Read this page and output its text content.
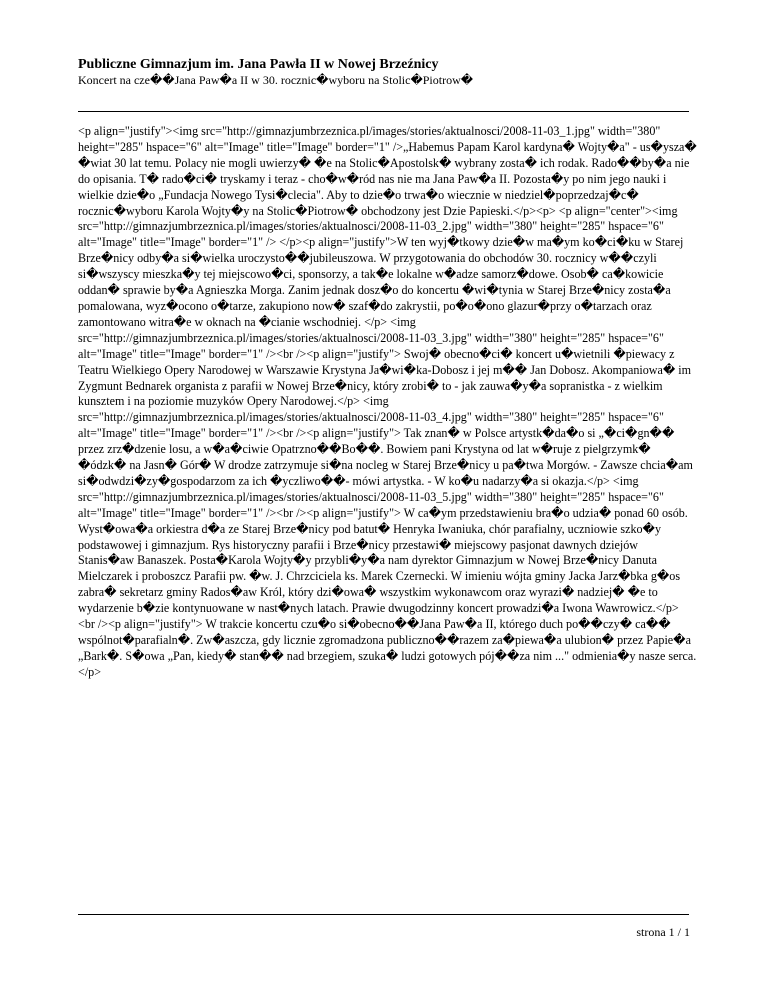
Publiczne Gimnazjum im. Jana Pawła II w Nowej Brzeźnicy
Koncert na cze��Jana Paw�a II w 30. rocznic�wyboru na Stolic�Piotrow�
<p align="justify"><img src="http://gimnazjumbrzeznica.pl/images/stories/aktualnosci/2008-11-03_1.jpg" width="380" height="285" hspace="6" alt="Image" title="Image" border="1" />„Habemus Papam Karol kardyna� Wojty�a" - us�ysza� �wiat 30 lat temu. Polacy nie mogli uwierzy� �e na Stolic�Apostolsk� wybrany zosta� ich rodak. Rado��by�a nie do opisania. T� rado�ci� tryskamy i teraz - cho�w�ród nas nie ma Jana Paw�a II. Pozosta�y po nim jego nauki i wielkie dzie�o „Fundacja Nowego Tysi�clecia". Aby to dzie�o trwa�o wiecznie w niedziel�poprzedzaj�c� rocznic�wyboru Karola Wojty�y na Stolic�Piotrow� obchodzony jest Dzie Papieski.</p><p> <p align="center"><img src="http://gimnazjumbrzeznica.pl/images/stories/aktualnosci/2008-11-03_2.jpg" width="380" height="285" hspace="6" alt="Image" title="Image" border="1" /> </p><p align="justify">W ten wyj�tkowy dzie�w ma�ym ko�ci�ku w Starej Brze�nicy odby�a si�wielka uroczysto��jubileuszowa. W przygotowania do obchodów 30. rocznicy w��czyli si�wszyscy mieszka�y tej miejscowo�ci, sponsorzy, a tak�e lokalne w�adze samorz�dowe. Osob� ca�kowicie oddan� sprawie by�a Agnieszka Morga. Zanim jednak dosz�o do koncertu �wi�tynia w Starej Brze�nicy zosta�a pomalowana, wyz�ocono o�tarze, zakupiono now� szaf�do zakrystii, po�o�ono glazur�przy o�tarzach oraz zamontowano witra�e w oknach na �cianie wschodniej. </p> <img src="http://gimnazjumbrzeznica.pl/images/stories/aktualnosci/2008-11-03_3.jpg" width="380" height="285" hspace="6" alt="Image" title="Image" border="1" /><br /><p align="justify"> Swoj� obecno�ci� koncert u�wietnili �piewacy z Teatru Wielkiego Opery Narodowej w Warszawie Krystyna Ja�wi�ka-Dobosz i jej m�� Jan Dobosz. Akompaniowa� im Zygmunt Bednarek organista z parafii w Nowej Brze�nicy, który zrobi� to - jak zauwa�y�a sopranistka - z wielkim kunsztem i na poziomie muzyków Opery Narodowej.</p> <img src="http://gimnazjumbrzeznica.pl/images/stories/aktualnosci/2008-11-03_4.jpg" width="380" height="285" hspace="6" alt="Image" title="Image" border="1" /><br /><p align="justify"> Tak znan� w Polsce artystk�da�o si „�ci�gn�� przez zrz�dzenie losu, a w�a�ciwie Opatrzno��Bo��. Bowiem pani Krystyna od lat w�ruje z pielgrzymk� �ódzk� na Jasn� Gór� W drodze zatrzymuje si�na nocleg w Starej Brze�nicy u pa�twa Morgów. - Zawsze chcia�am si�odwdzi�zy�gospodarzom za ich �yczliwo��- mówi artystka. - W ko�u nadarzy�a si okazja.</p> <img src="http://gimnazjumbrzeznica.pl/images/stories/aktualnosci/2008-11-03_5.jpg" width="380" height="285" hspace="6" alt="Image" title="Image" border="1" /><br /><p align="justify"> W ca�ym przedstawieniu bra�o udzia� ponad 60 osób. Wyst�owa�a orkiestra d�a ze Starej Brze�nicy pod batut� Henryka Iwaniuka, chór parafialny, uczniowie szko�y podstawowej i gimnazjum. Rys historyczny parafii i Brze�nicy przestawi� miejscowy pasjonat dawnych dziejów Stanis�aw Banaszek. Posta�Karola Wojty�y przybli�y�a nam dyrektor Gimnazjum w Nowej Brze�nicy Danuta Mielczarek i proboszcz Parafii pw. �w. J. Chrzciciela ks. Marek Czernecki. W imieniu wójta gminy Jacka Jarz�bka g�os zabra� sekretarz gminy Rados�aw Król, który dzi�owa� wszystkim wykonawcom oraz wyrazi� nadziej� �e to wydarzenie b�zie kontynuowane w nast�nych latach. Prawie dwugodzinny koncert prowadzi�a Iwona Wawrowicz.</p> <br /><p align="justify"> W trakcie koncertu czu�o si�obecno��Jana Paw�a II, którego duch po��czy� ca�� wspólnot�parafialn�. Zw�aszcza, gdy licznie zgromadzona publiczno��razem za�piewa�a ulubion� przez Papie�a „Bark�. S�owa „Pan, kiedy� stan�� nad brzegiem, szuka� ludzi gotowych pój��za nim ..." odmienia�y nasze serca.</p>
strona 1 / 1
